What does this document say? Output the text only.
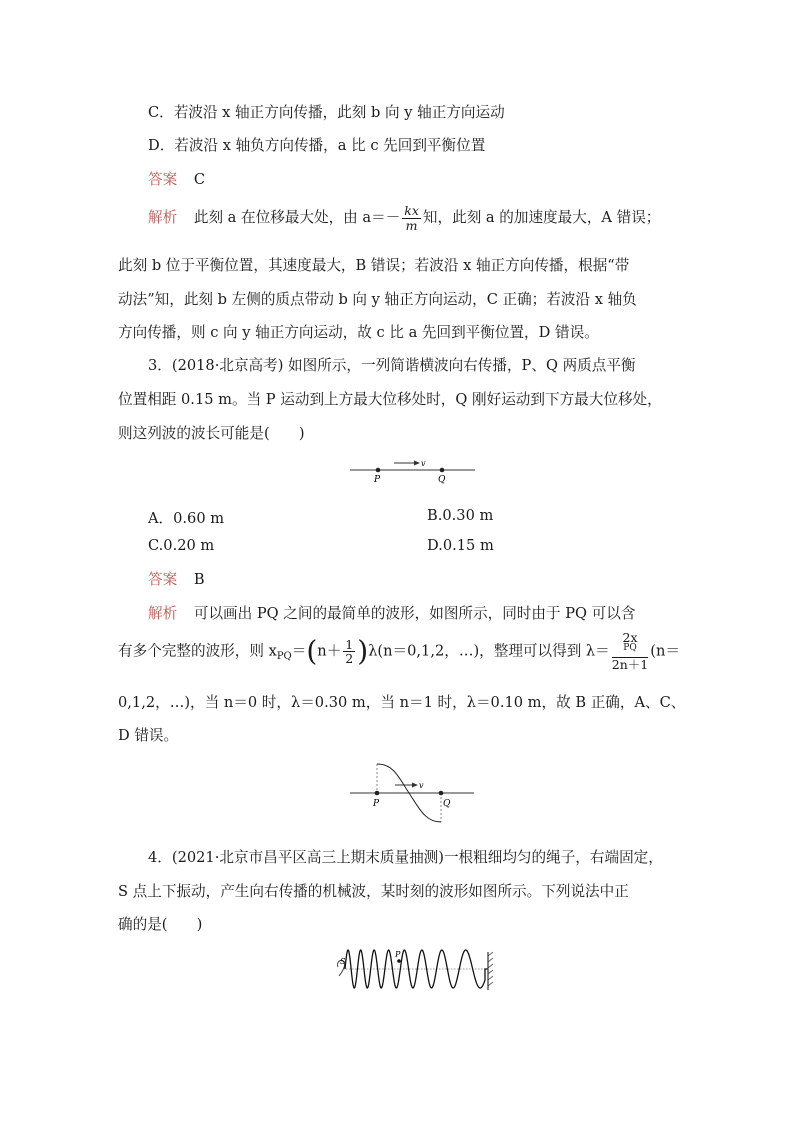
C．若波沿 x 轴正方向传播，此刻 b 向 y 轴正方向运动
D．若波沿 x 轴负方向传播，a 比 c 先回到平衡位置
答案 C
解析 此刻 a 在位移最大处，由 $a=- \frac{kx}{m}$ 知，此刻 a 的加速度最大，A 错误；
此刻 b 位于平衡位置，其速度最大，B 错误；若波沿 x 轴正方向传播，根据“带
动法”知，此刻 b 左侧的质点带动 b 向 y 轴正方向运动，C 正确；若波沿 x 轴负
方向传播，则 c 向 y 轴正方向运动，故 c 比 a 先回到平衡位置，D 错误。
3．(2018·北京高考) 如图所示，一列简谐横波向右传播，P、Q 两质点平衡
位置相距 0.15 m。当 P 运动到上方最大位移处时，Q 刚好运动到下方最大位移处，
则这列波的波长可能是(　　)
v
P	Q
A．0.60 m	B.0.30 m
C.0.20 m	D.0.15 m
答案 B
解析 可以画出 PQ 之间的最简单的波形，如图所示，同时由于 PQ 可以含
有多个完整的波形，则 $x_{PQ}=(n+ \frac{1}{2} )\lambda(n=0,1,2$，…)，整理可以得到 λ＝ 2x
$^{PQ}$
2n＋1 (n＝
0,1,2，…)，当 n＝0 时，λ＝0.30 m，当 n＝1 时，λ＝0.10 m，故 B 正确，A、C、
D 错误。
v
P	Q
4．(2021·北京市昌平区高三上期末质量抽测)一根粗细均匀的绳子，右端固定，
S 点上下振动，产生向右传播的机械波，某时刻的波形如图所示。下列说法中正
确的是(　　)
S
P
